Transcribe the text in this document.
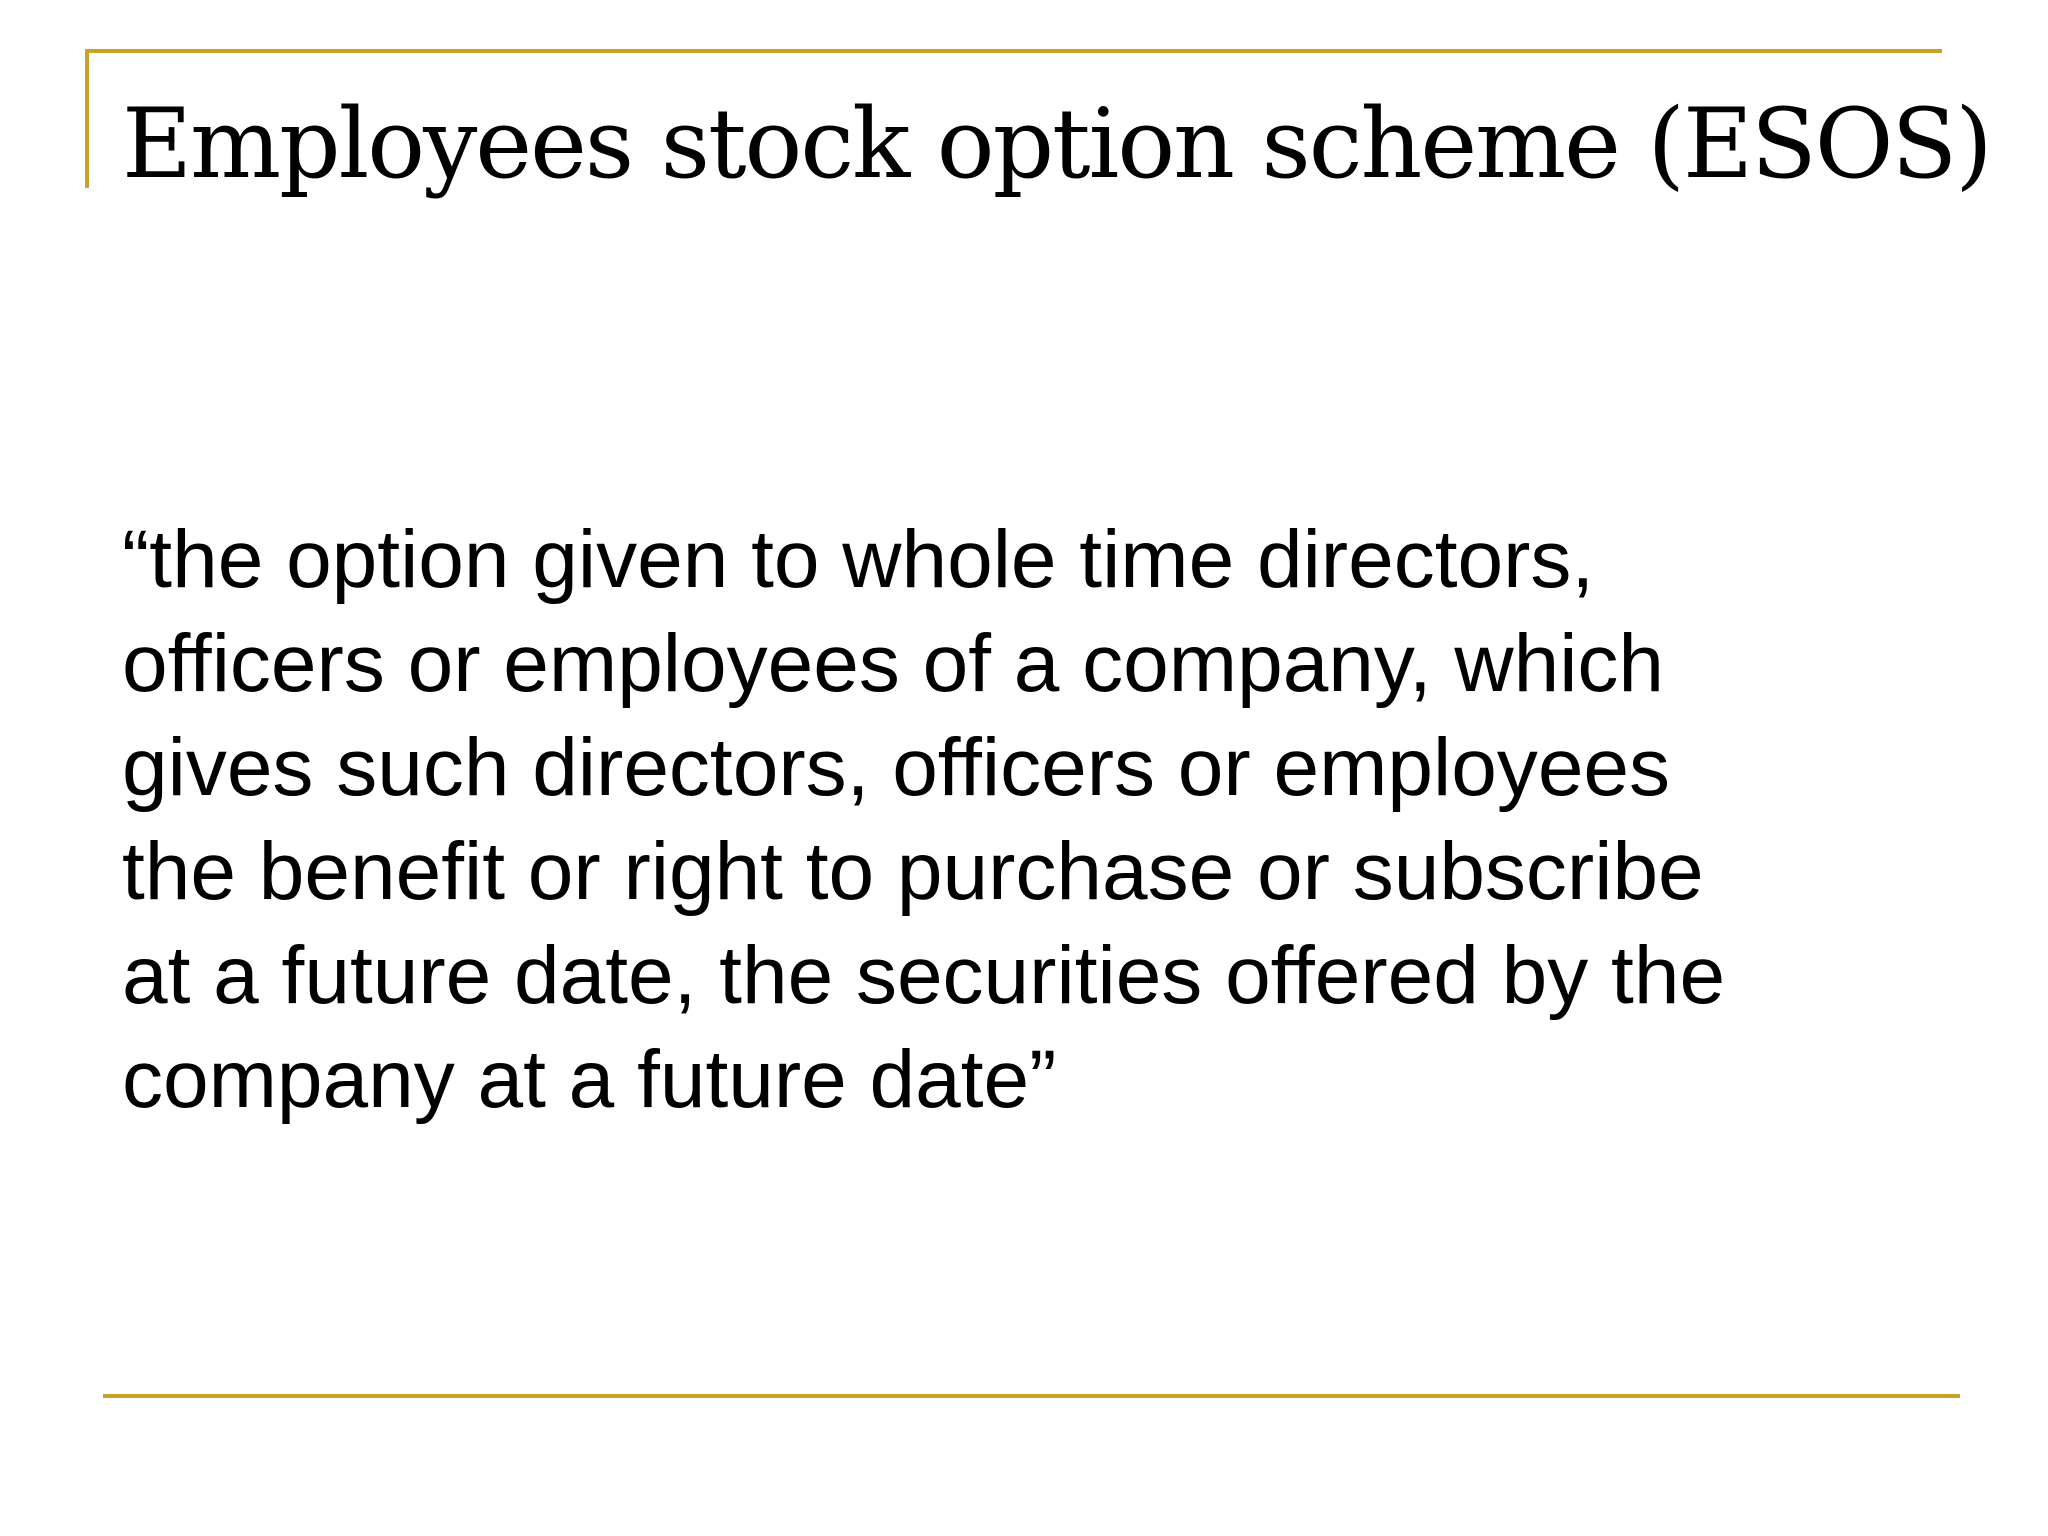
Employees stock option scheme (ESOS)

“the option given to whole time directors,
officers or employees of a company, which
gives such directors, officers or employees
the benefit or right to purchase or subscribe
at a future date, the securities offered by the
company at a future date”
